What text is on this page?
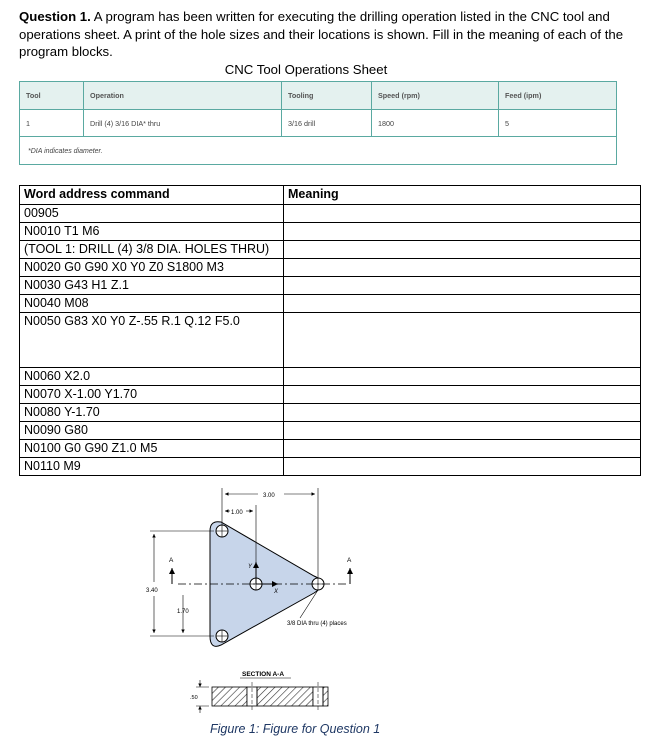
Question 1. A program has been written for executing the drilling operation listed in the CNC tool and operations sheet. A print of the hole sizes and their locations is shown. Fill in the meaning of each of the program blocks.
CNC Tool Operations Sheet
Tool	Operation	Tooling	Speed (rpm)	Feed (ipm)
1	Drill (4) 3/16 DIA* thru	3/16 drill	1800	5
*DIA indicates diameter.
Word address command	Meaning
00905	
N0010 T1 M6	
(TOOL 1: DRILL (4) 3/8 DIA. HOLES THRU)	
N0020 G0 G90 X0 Y0 Z0 S1800 M3	
N0030 G43 H1 Z.1	
N0040 M08	
N0050 G83 X0 Y0 Z-.55 R.1 Q.12 F5.0	
N0060 X2.0	
N0070 X-1.00 Y1.70	
N0080 Y-1.70	
N0090 G80	
N0100 G0 G90 Z1.0 M5	
N0110 M9	
Y
X
A	A
3.00
1.00
3.40
1.70
3/8 DIA thru (4) places
SECTION A-A
.50
Figure 1: Figure for Question 1
